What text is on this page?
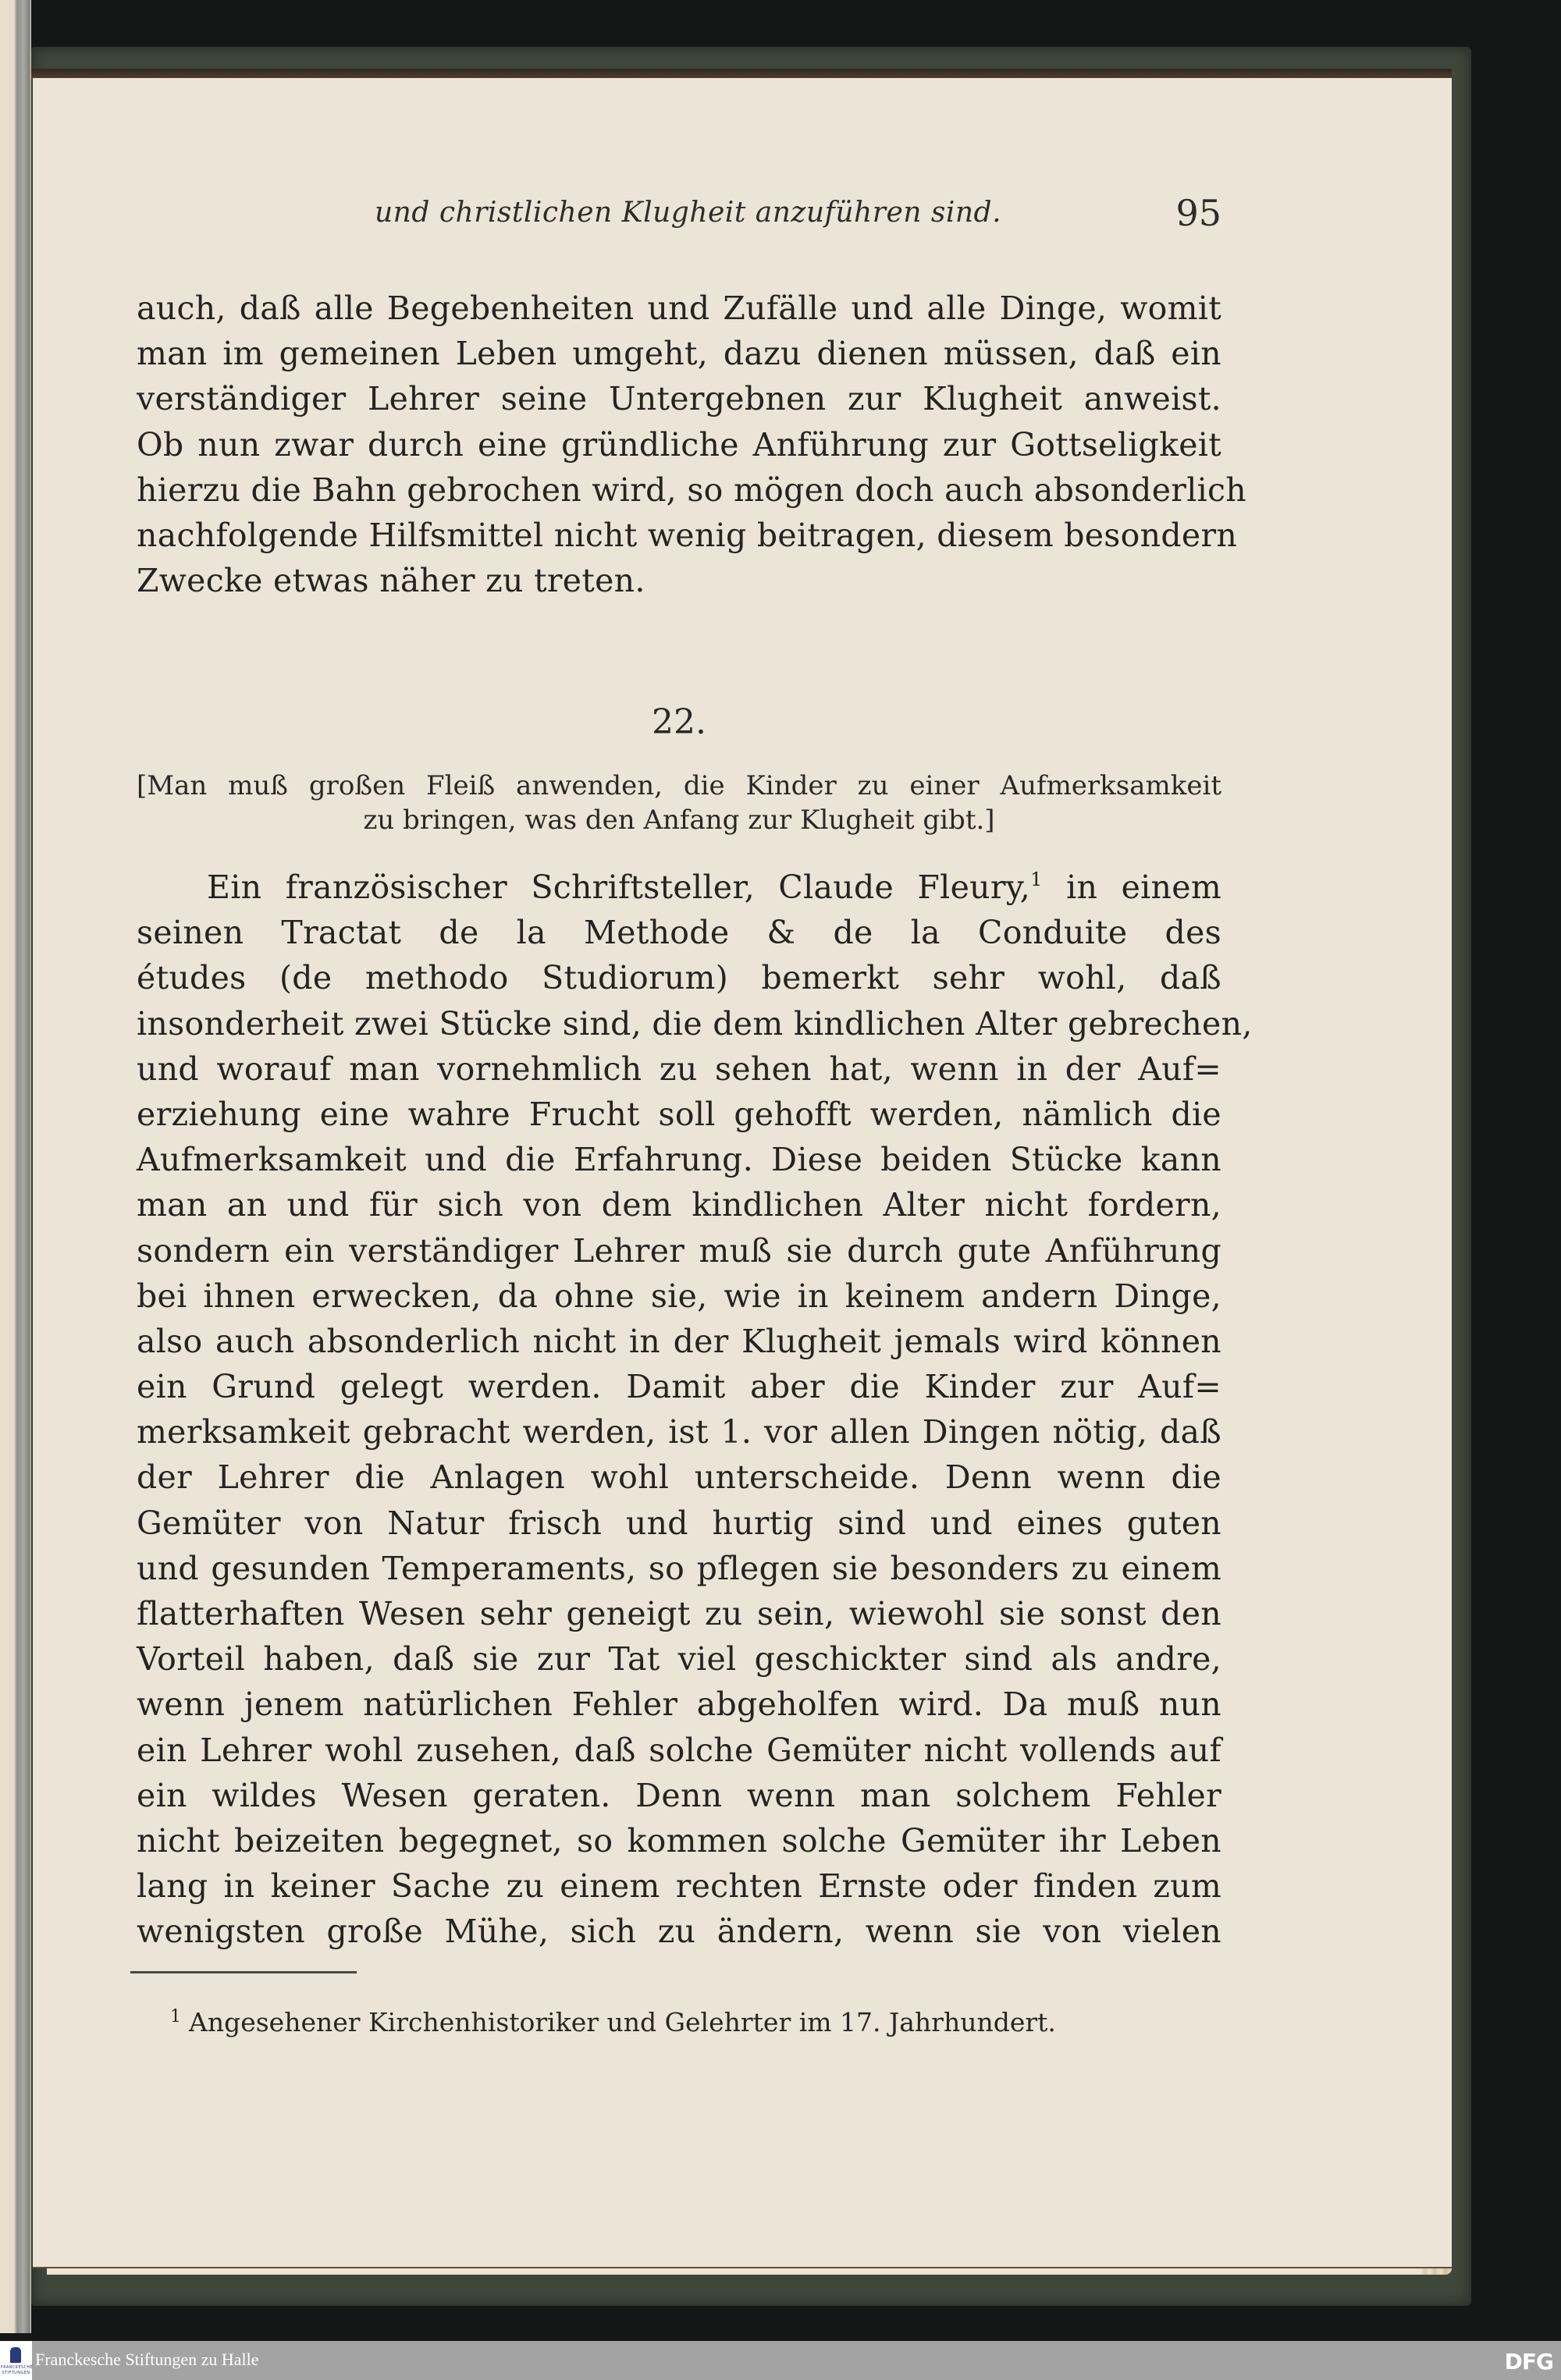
und christlichen Klugheit anzuführen sind.	95
auch, daß alle Begebenheiten und Zufälle und alle Dinge, womit
man im gemeinen Leben umgeht, dazu dienen müssen, daß ein
verständiger Lehrer seine Untergebnen zur Klugheit anweist.
Ob nun zwar durch eine gründliche Anführung zur Gottseligkeit
hierzu die Bahn gebrochen wird, so mögen doch auch absonderlich
nachfolgende Hilfsmittel nicht wenig beitragen, diesem besondern
Zwecke etwas näher zu treten.
22.
[Man muß großen Fleiß anwenden, die Kinder zu einer Aufmerksamkeit
zu bringen, was den Anfang zur Klugheit gibt.]
Ein französischer Schriftsteller, Claude Fleury,$^1$ in einem
seinen Tractat de la Methode & de la Conduite des
études (de methodo Studiorum) bemerkt sehr wohl, daß
insonderheit zwei Stücke sind, die dem kindlichen Alter gebrechen,
und worauf man vornehmlich zu sehen hat, wenn in der Auf=
erziehung eine wahre Frucht soll gehofft werden, nämlich die
Aufmerksamkeit und die Erfahrung. Diese beiden Stücke kann
man an und für sich von dem kindlichen Alter nicht fordern,
sondern ein verständiger Lehrer muß sie durch gute Anführung
bei ihnen erwecken, da ohne sie, wie in keinem andern Dinge,
also auch absonderlich nicht in der Klugheit jemals wird können
ein Grund gelegt werden. Damit aber die Kinder zur Auf=
merksamkeit gebracht werden, ist 1. vor allen Dingen nötig, daß
der Lehrer die Anlagen wohl unterscheide. Denn wenn die
Gemüter von Natur frisch und hurtig sind und eines guten
und gesunden Temperaments, so pflegen sie besonders zu einem
flatterhaften Wesen sehr geneigt zu sein, wiewohl sie sonst den
Vorteil haben, daß sie zur Tat viel geschickter sind als andre,
wenn jenem natürlichen Fehler abgeholfen wird. Da muß nun
ein Lehrer wohl zusehen, daß solche Gemüter nicht vollends auf
ein wildes Wesen geraten. Denn wenn man solchem Fehler
nicht beizeiten begegnet, so kommen solche Gemüter ihr Leben
lang in keiner Sache zu einem rechten Ernste oder finden zum
wenigsten große Mühe, sich zu ändern, wenn sie von vielen
$^1$ Angesehener Kirchenhistoriker und Gelehrter im 17. Jahrhundert.
FRANCKESCHE STIFTUNGEN
Franckesche Stiftungen zu Halle	DFG
